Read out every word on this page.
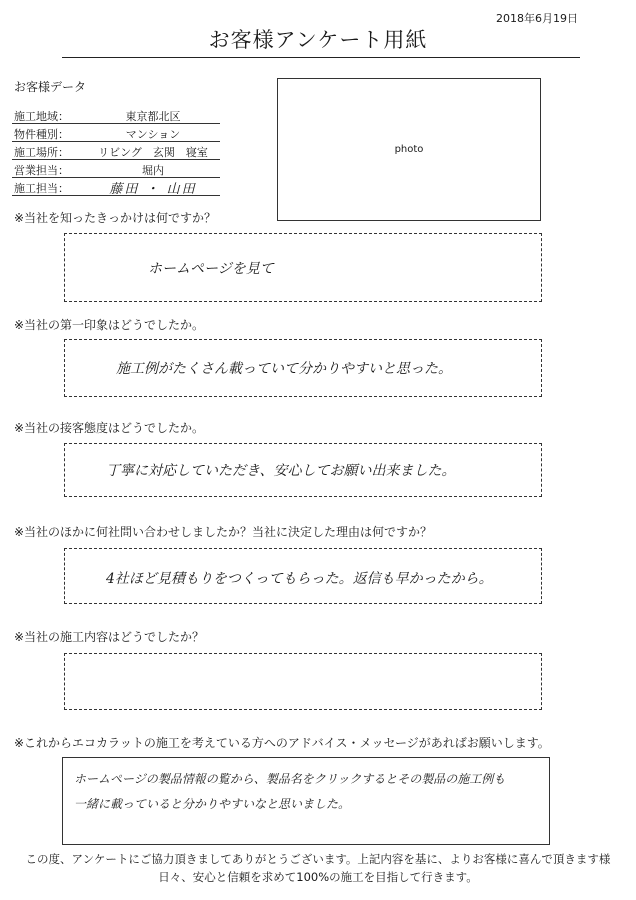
2018年6月19日
お客様アンケート用紙
お客様データ
施工地域：	東京都北区
物件種別：	マンション
施工場所：	リビング　玄関　寝室
営業担当：	堀内
施工担当：	藤田 ・ 山田
photo
※当社を知ったきっかけは何ですか？
ホームページを見て
※当社の第一印象はどうでしたか。
施工例がたくさん載っていて分かりやすいと思った。
※当社の接客態度はどうでしたか。
丁寧に対応していただき、安心してお願い出来ました。
※当社のほかに何社問い合わせしましたか？当社に決定した理由は何ですか？
4社ほど見積もりをつくってもらった。返信も早かったから。
※当社の施工内容はどうでしたか？
※これからエコカラットの施工を考えている方へのアドバイス・メッセージがあればお願いします。
ホームページの製品情報の覧から、製品名をクリックするとその製品の施工例も
一緒に載っていると分かりやすいなと思いました。
この度、アンケートにご協力頂きましてありがとうございます。上記内容を基に、よりお客様に喜んで頂きます様
日々、安心と信頼を求めて100%の施工を目指して行きます。
